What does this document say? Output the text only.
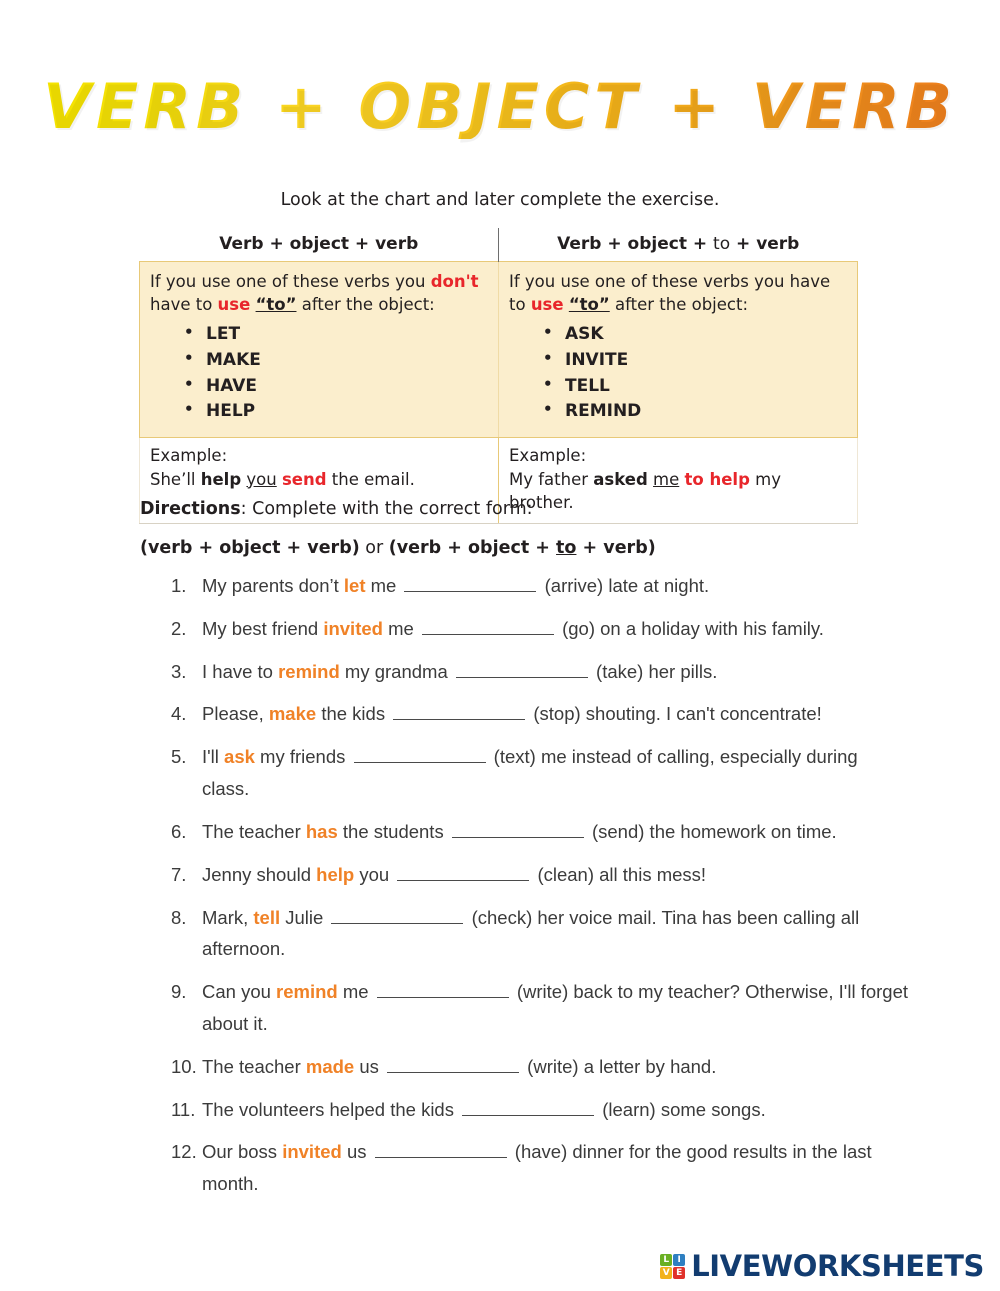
VERB + OBJECT + VERB
Look at the chart and later complete the exercise.
Verb + object + verb	Verb + object + to + verb
If you use one of these verbs you don't have to use “to” after the object:
• LET
• MAKE
• HAVE
• HELP
	If you use one of these verbs you have to use “to” after the object:
• ASK
• INVITE
• TELL
• REMIND

Example:
She’ll help you send the email.

Example:
My father asked me to help my brother.
Directions: Complete with the correct form:
(verb + object + verb) or (verb + object + to + verb)
1. My parents don’t let me	(arrive) late at night.
2. My best friend invited me	(go) on a holiday with his family.
3. I have to remind my grandma	(take) her pills.
4. Please, make the kids	(stop) shouting. I can't concentrate!
5. I'll ask my friends	(text) me instead of calling, especially during class.
6. The teacher has the students	(send) the homework on time.
7. Jenny should help you	(clean) all this mess!
8. Mark, tell Julie	(check) her voice mail. Tina has been calling all afternoon.
9. Can you remind me	(write) back to my teacher? Otherwise, I'll forget about it.
10. The teacher made us	(write) a letter by hand.
11. The volunteers helped the kids	(learn) some songs.
12. Our boss invited us	(have) dinner for the good results in the last month.
L I
V E LIVEWORKSHEETS
